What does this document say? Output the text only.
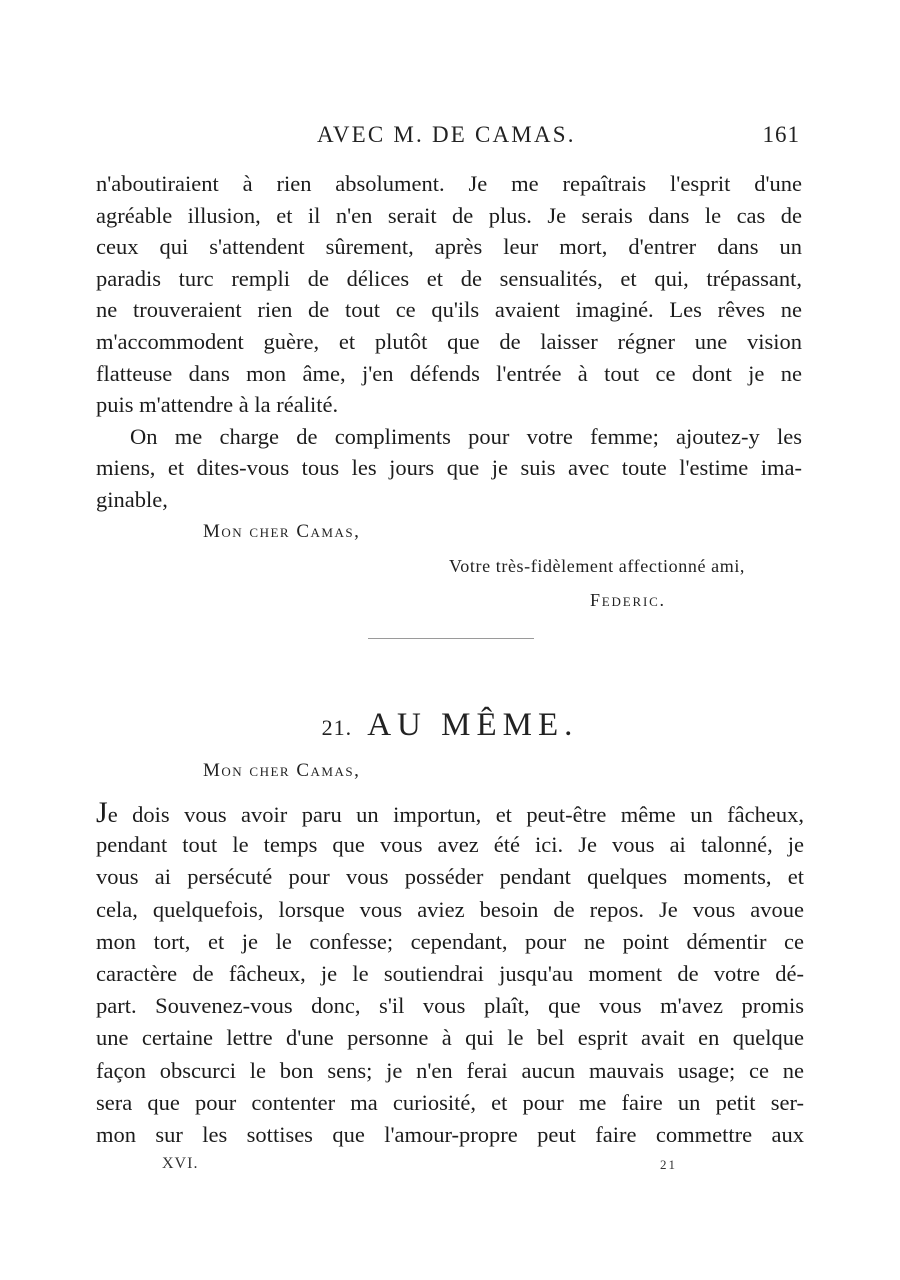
AVEC M. DE CAMAS.	161
n'aboutiraient à rien absolument. Je me repaîtrais l'esprit d'une
agréable illusion, et il n'en serait de plus. Je serais dans le cas de
ceux qui s'attendent sûrement, après leur mort, d'entrer dans un
paradis turc rempli de délices et de sensualités, et qui, trépassant,
ne trouveraient rien de tout ce qu'ils avaient imaginé. Les rêves ne
m'accommodent guère, et plutôt que de laisser régner une vision
flatteuse dans mon âme, j'en défends l'entrée à tout ce dont je ne
puis m'attendre à la réalité.
On me charge de compliments pour votre femme; ajoutez-y les
miens, et dites-vous tous les jours que je suis avec toute l'estime ima-
ginable,
Mon cher Camas,
Votre très-fidèlement affectionné ami,
Federic.
21. AU MÊME.
Mon cher Camas,
Je dois vous avoir paru un importun, et peut-être même un fâcheux,
pendant tout le temps que vous avez été ici. Je vous ai talonné, je
vous ai persécuté pour vous posséder pendant quelques moments, et
cela, quelquefois, lorsque vous aviez besoin de repos. Je vous avoue
mon tort, et je le confesse; cependant, pour ne point démentir ce
caractère de fâcheux, je le soutiendrai jusqu'au moment de votre dé-
part. Souvenez-vous donc, s'il vous plaît, que vous m'avez promis
une certaine lettre d'une personne à qui le bel esprit avait en quelque
façon obscurci le bon sens; je n'en ferai aucun mauvais usage; ce ne
sera que pour contenter ma curiosité, et pour me faire un petit ser-
mon sur les sottises que l'amour-propre peut faire commettre aux
XVI.	21
